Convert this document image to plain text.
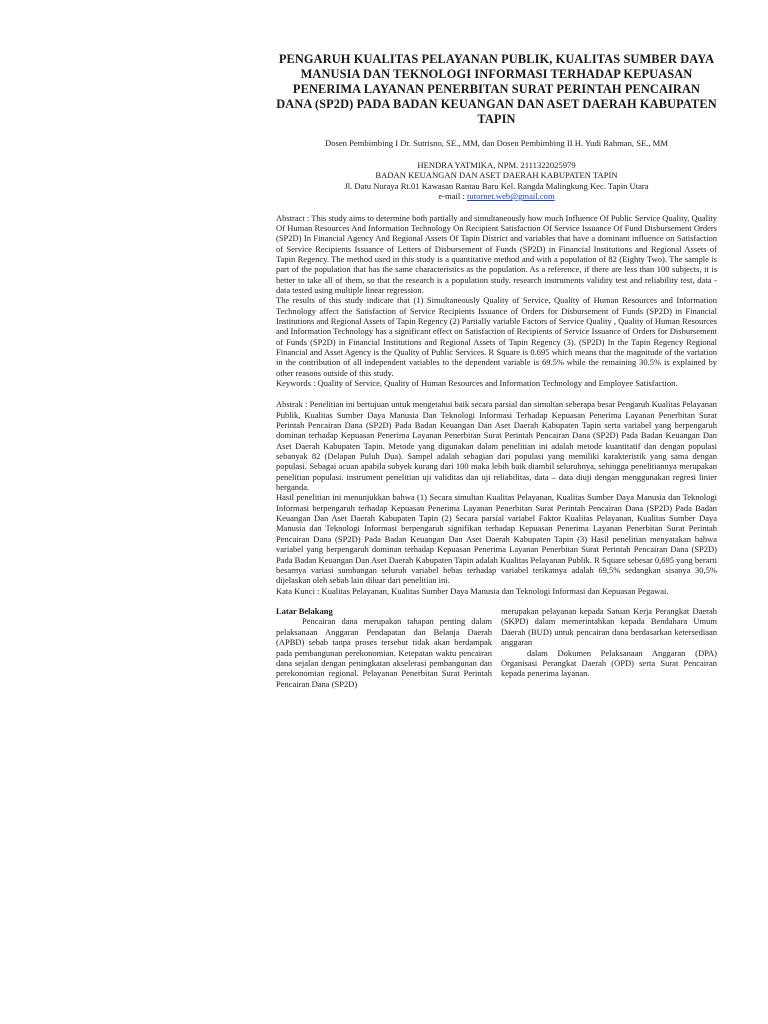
PENGARUH KUALITAS PELAYANAN PUBLIK, KUALITAS SUMBER DAYA MANUSIA DAN TEKNOLOGI INFORMASI TERHADAP KEPUASAN PENERIMA LAYANAN PENERBITAN SURAT PERINTAH PENCAIRAN DANA (SP2D) PADA BADAN KEUANGAN DAN ASET DAERAH KABUPATEN TAPIN
Dosen Pembimbing I Dr. Sutrisno, SE., MM, dan Dosen Pembimbing II H. Yudi Rahman, SE., MM
HENDRA YATMIKA, NPM. 2111322025979
BADAN KEUANGAN DAN ASET DAERAH KABUPATEN TAPIN
Jl. Datu Nuraya Rt.01 Kawasan Rantau Baru Kel. Rangda Malingkung Kec. Tapin Utara
e-mail : tutornet.web@gmail.com

Abstract : This study aims to determine both partially and simultaneously how much Influence Of Public Service Quality, Quality Of Human Resources And Information Technology On Recipient Satisfaction Of Service Issuance Of Fund Disbursement Orders (SP2D) In Financial Agency And Regional Assets Of Tapin District and variables that have a dominant influence on Satisfaction of Service Recipients Issuance of Letters of Disbursement of Funds (SP2D) in Financial Institutions and Regional Assets of Tapin Regency. The method used in this study is a quantitative method and with a population of 82 (Eighty Two). The sample is part of the population that has the same characteristics as the population. As a reference, if there are less than 100 subjects, it is better to take all of them, so that the research is a population study. research instruments validity test and reliability test, data - data tested using multiple linear regression.

The results of this study indicate that (1) Simultaneously Quality of Service, Quality of Human Resources and Information Technology affect the Satisfaction of Service Recipients Issuance of Orders for Disbursement of Funds (SP2D) in Financial Institutions and Regional Assets of Tapin Regency (2) Partially variable Factors of Service Quality , Quality of Human Resources and Information Technology has a significant effect on Satisfaction of Recipients of Service Issuance of Orders for Disbursement of Funds (SP2D) in Financial Institutions and Regional Assets of Tapin Regency (3). (SP2D) In the Tapin Regency Regional Financial and Asset Agency is the Quality of Public Services. R Square is 0.695 which means that the magnitude of the variation in the contribution of all independent variables to the dependent variable is 69.5% while the remaining 30.5% is explained by other reasons outside of this study.

Keywords : Quality of Service, Quality of Human Resources and Information Technology and Employee Satisfaction.

Abstrak : Penelitian ini bertujuan untuk mengetahui baik secara parsial dan simultan seberapa besar Pengaruh Kualitas Pelayanan Publik, Kualitas Sumber Daya Manusia Dan Teknologi Informasi Terhadap Kepuasan Penerima Layanan Penerbitan Surat Perintah Pencairan Dana (SP2D) Pada Badan Keuangan Dan Aset Daerah Kabupaten Tapin serta variabel yang berpengaruh dominan terhadap Kepuasan Penerima Layanan Penerbitan Surat Perintah Pencairan Dana (SP2D) Pada Badan Keuangan Dan Aset Daerah Kabupaten Tapin. Metode yang digunakan dalam penelitian ini adalah metode kuantitatif dan dengan populasi sebanyak 82 (Delapan Puluh Dua). Sampel adalah sebagian dari populasi yang memiliki karakteristik yang sama dengan populasi. Sebagai acuan apabila subyek kurang dari 100 maka lebih baik diambil seluruhnya, sehingga penelitiannya merupakan penelitian populasi. instrument penelitian uji validitas dan uji reliabilitas, data – data diuji dengan menggunakan regresi linier berganda.

Hasil penelitian ini menunjukkan bahwa (1) Secara simultan Kualitas Pelayanan, Kualitas Sumber Daya Manusia dan Teknologi Informasi berpengaruh terhadap Kepuasan Penerima Layanan Penerbitan Surat Perintah Pencairan Dana (SP2D) Pada Badan Keuangan Dan Aset Daerah Kabupaten Tapin (2) Secara parsial variabel Faktor Kualitas Pelayanan, Kualitas Sumber Daya Manusia dan Teknologi Informasi berpengaruh signifikan terhadap Kepuasan Penerima Layanan Penerbitan Surat Perintah Pencairan Dana (SP2D) Pada Badan Keuangan Dan Aset Daerah Kabupaten Tapin (3) Hasil penelitian menyatakan bahwa variabel yang berpengaruh dominan terhadap Kepuasan Penerima Layanan Penerbitan Surat Perintah Pencairan Dana (SP2D) Pada Badan Keuangan Dan Aset Daerah Kabupaten Tapin adalah Kualitas Pelayanan Publik. R Square sebesar 0,695 yang berarti besarnya variasi sumbangan seluruh variabel bebas terhadap variabel terikatnya adalah 69,5% sedangkan sisanya 30,5% dijelaskan oleh sebab lain diluar dari penelitian ini.

Kata Kunci : Kualitas Pelayanan, Kualitas Sumber Daya Manusia dan Teknologi Informasi dan Kepuasan Pegawai.

Latar Belakang

Pencairan dana merupakan tahapan penting dalam pelaksanaan Anggaran Pendapatan dan Belanja Daerah (APBD) sebab tanpa proses tersebut tidak akan berdampak pada pembangunan perekonomian. Ketepatan waktu pencairan dana sejalan dengan peningkatan akselerasi pembangunan dan perekonomian regional. Pelayanan Penerbitan Surat Perintah Pencairan Dana (SP2D)

merupakan pelayanan kepada Satuan Kerja Perangkat Daerah (SKPD) dalam memerintahkan kepada Bendahara Umum Daerah (BUD) untuk pencairan dana berdasarkan ketersediaan anggaran

dalam Dokumen Pelaksanaan Anggaran (DPA) Organisasi Perangkat Daerah (OPD) serta Surat Pencairan kepada penerima layanan.
